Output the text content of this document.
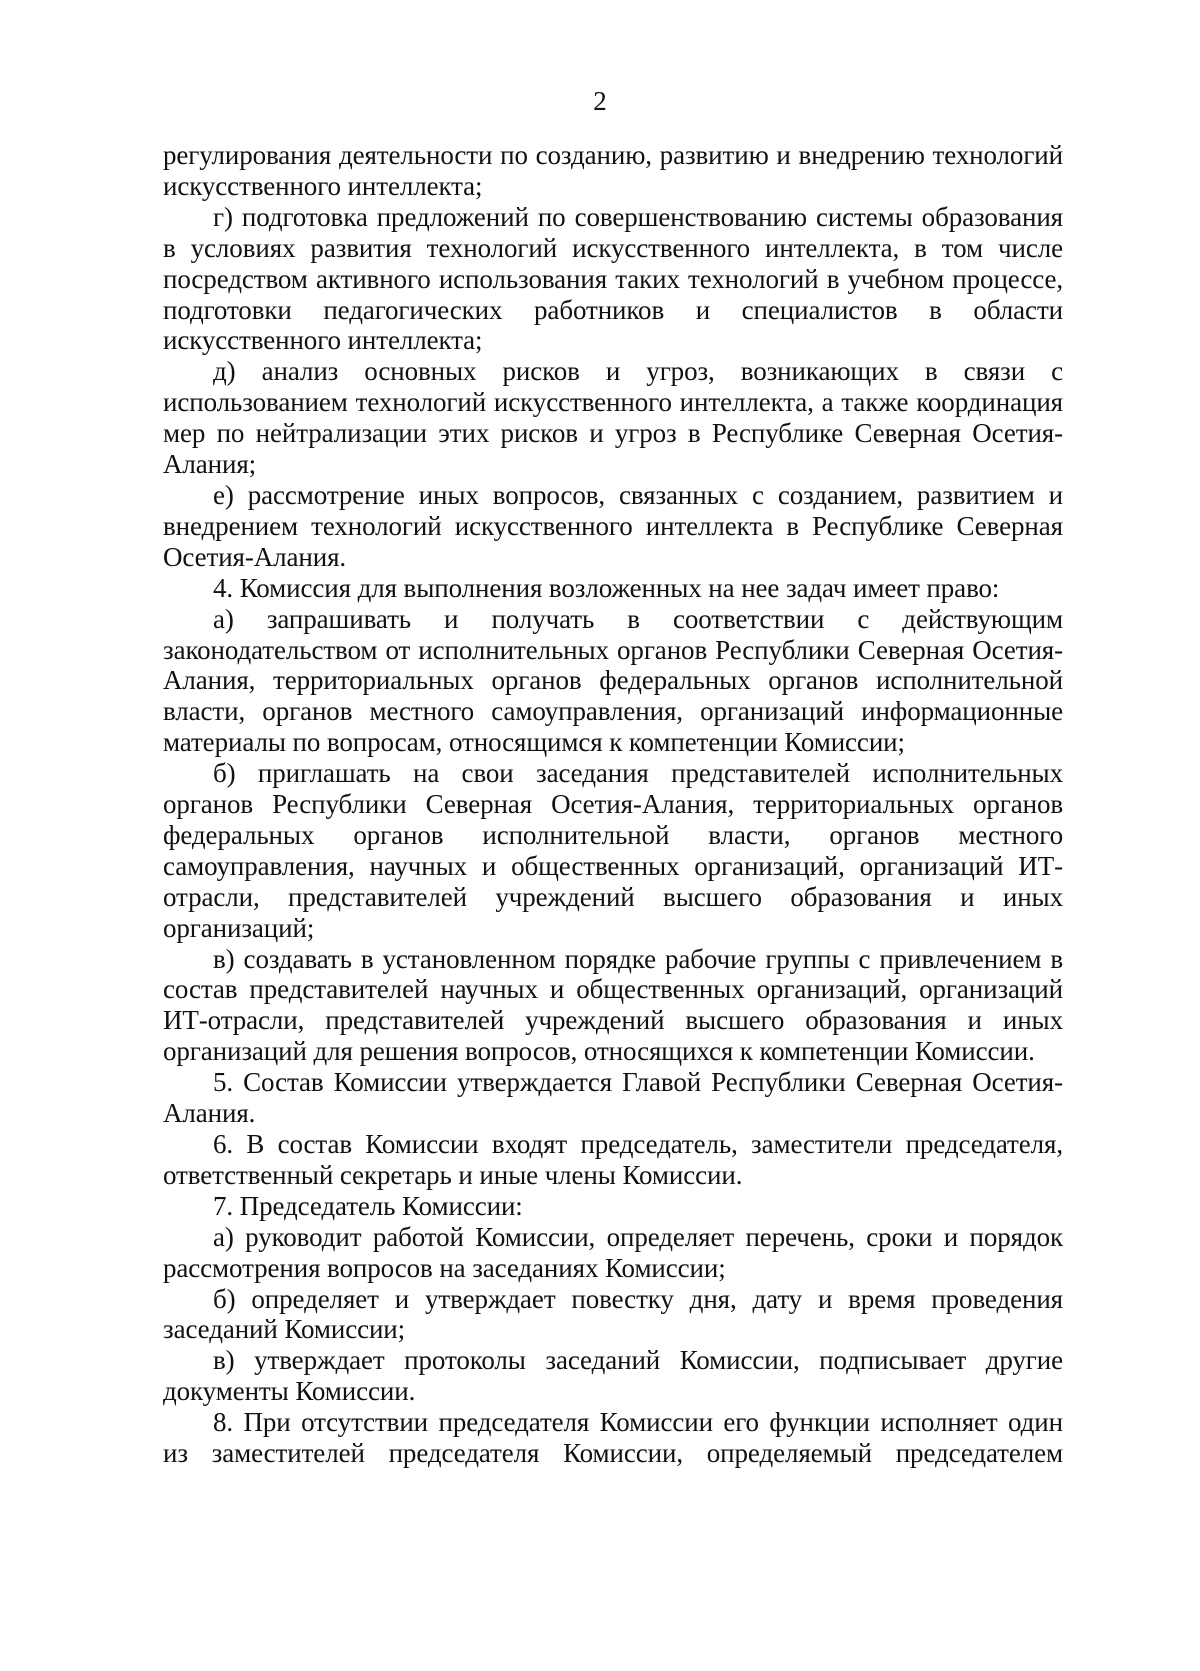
2

регулирования деятельности по созданию, развитию и внедрению технологий искусственного интеллекта;

г) подготовка предложений по совершенствованию системы образования в условиях развития технологий искусственного интеллекта, в том числе посредством активного использования таких технологий в учебном процессе, подготовки педагогических работников и специалистов в области искусственного интеллекта;

д) анализ основных рисков и угроз, возникающих в связи с использованием технологий искусственного интеллекта, а также координация мер по нейтрализации этих рисков и угроз в Республике Северная Осетия-Алания;

е) рассмотрение иных вопросов, связанных с созданием, развитием и внедрением технологий искусственного интеллекта в Республике Северная Осетия-Алания.

4. Комиссия для выполнения возложенных на нее задач имеет право:

а) запрашивать и получать в соответствии с действующим законодательством от исполнительных органов Республики Северная Осетия-Алания, территориальных органов федеральных органов исполнительной власти, органов местного самоуправления, организаций информационные материалы по вопросам, относящимся к компетенции Комиссии;

б) приглашать на свои заседания представителей исполнительных органов Республики Северная Осетия-Алания, территориальных органов федеральных органов исполнительной власти, органов местного самоуправления, научных и общественных организаций, организаций ИТ-отрасли, представителей учреждений высшего образования и иных организаций;

в) создавать в установленном порядке рабочие группы с привлечением в состав представителей научных и общественных организаций, организаций ИТ-отрасли, представителей учреждений высшего образования и иных организаций для решения вопросов, относящихся к компетенции Комиссии.

5. Состав Комиссии утверждается Главой Республики Северная Осетия-Алания.

6. В состав Комиссии входят председатель, заместители председателя, ответственный секретарь и иные члены Комиссии.

7. Председатель Комиссии:

а) руководит работой Комиссии, определяет перечень, сроки и порядок рассмотрения вопросов на заседаниях Комиссии;

б) определяет и утверждает повестку дня, дату и время проведения заседаний Комиссии;

в) утверждает протоколы заседаний Комиссии, подписывает другие документы Комиссии.

8. При отсутствии председателя Комиссии его функции исполняет один из заместителей председателя Комиссии, определяемый председателем
